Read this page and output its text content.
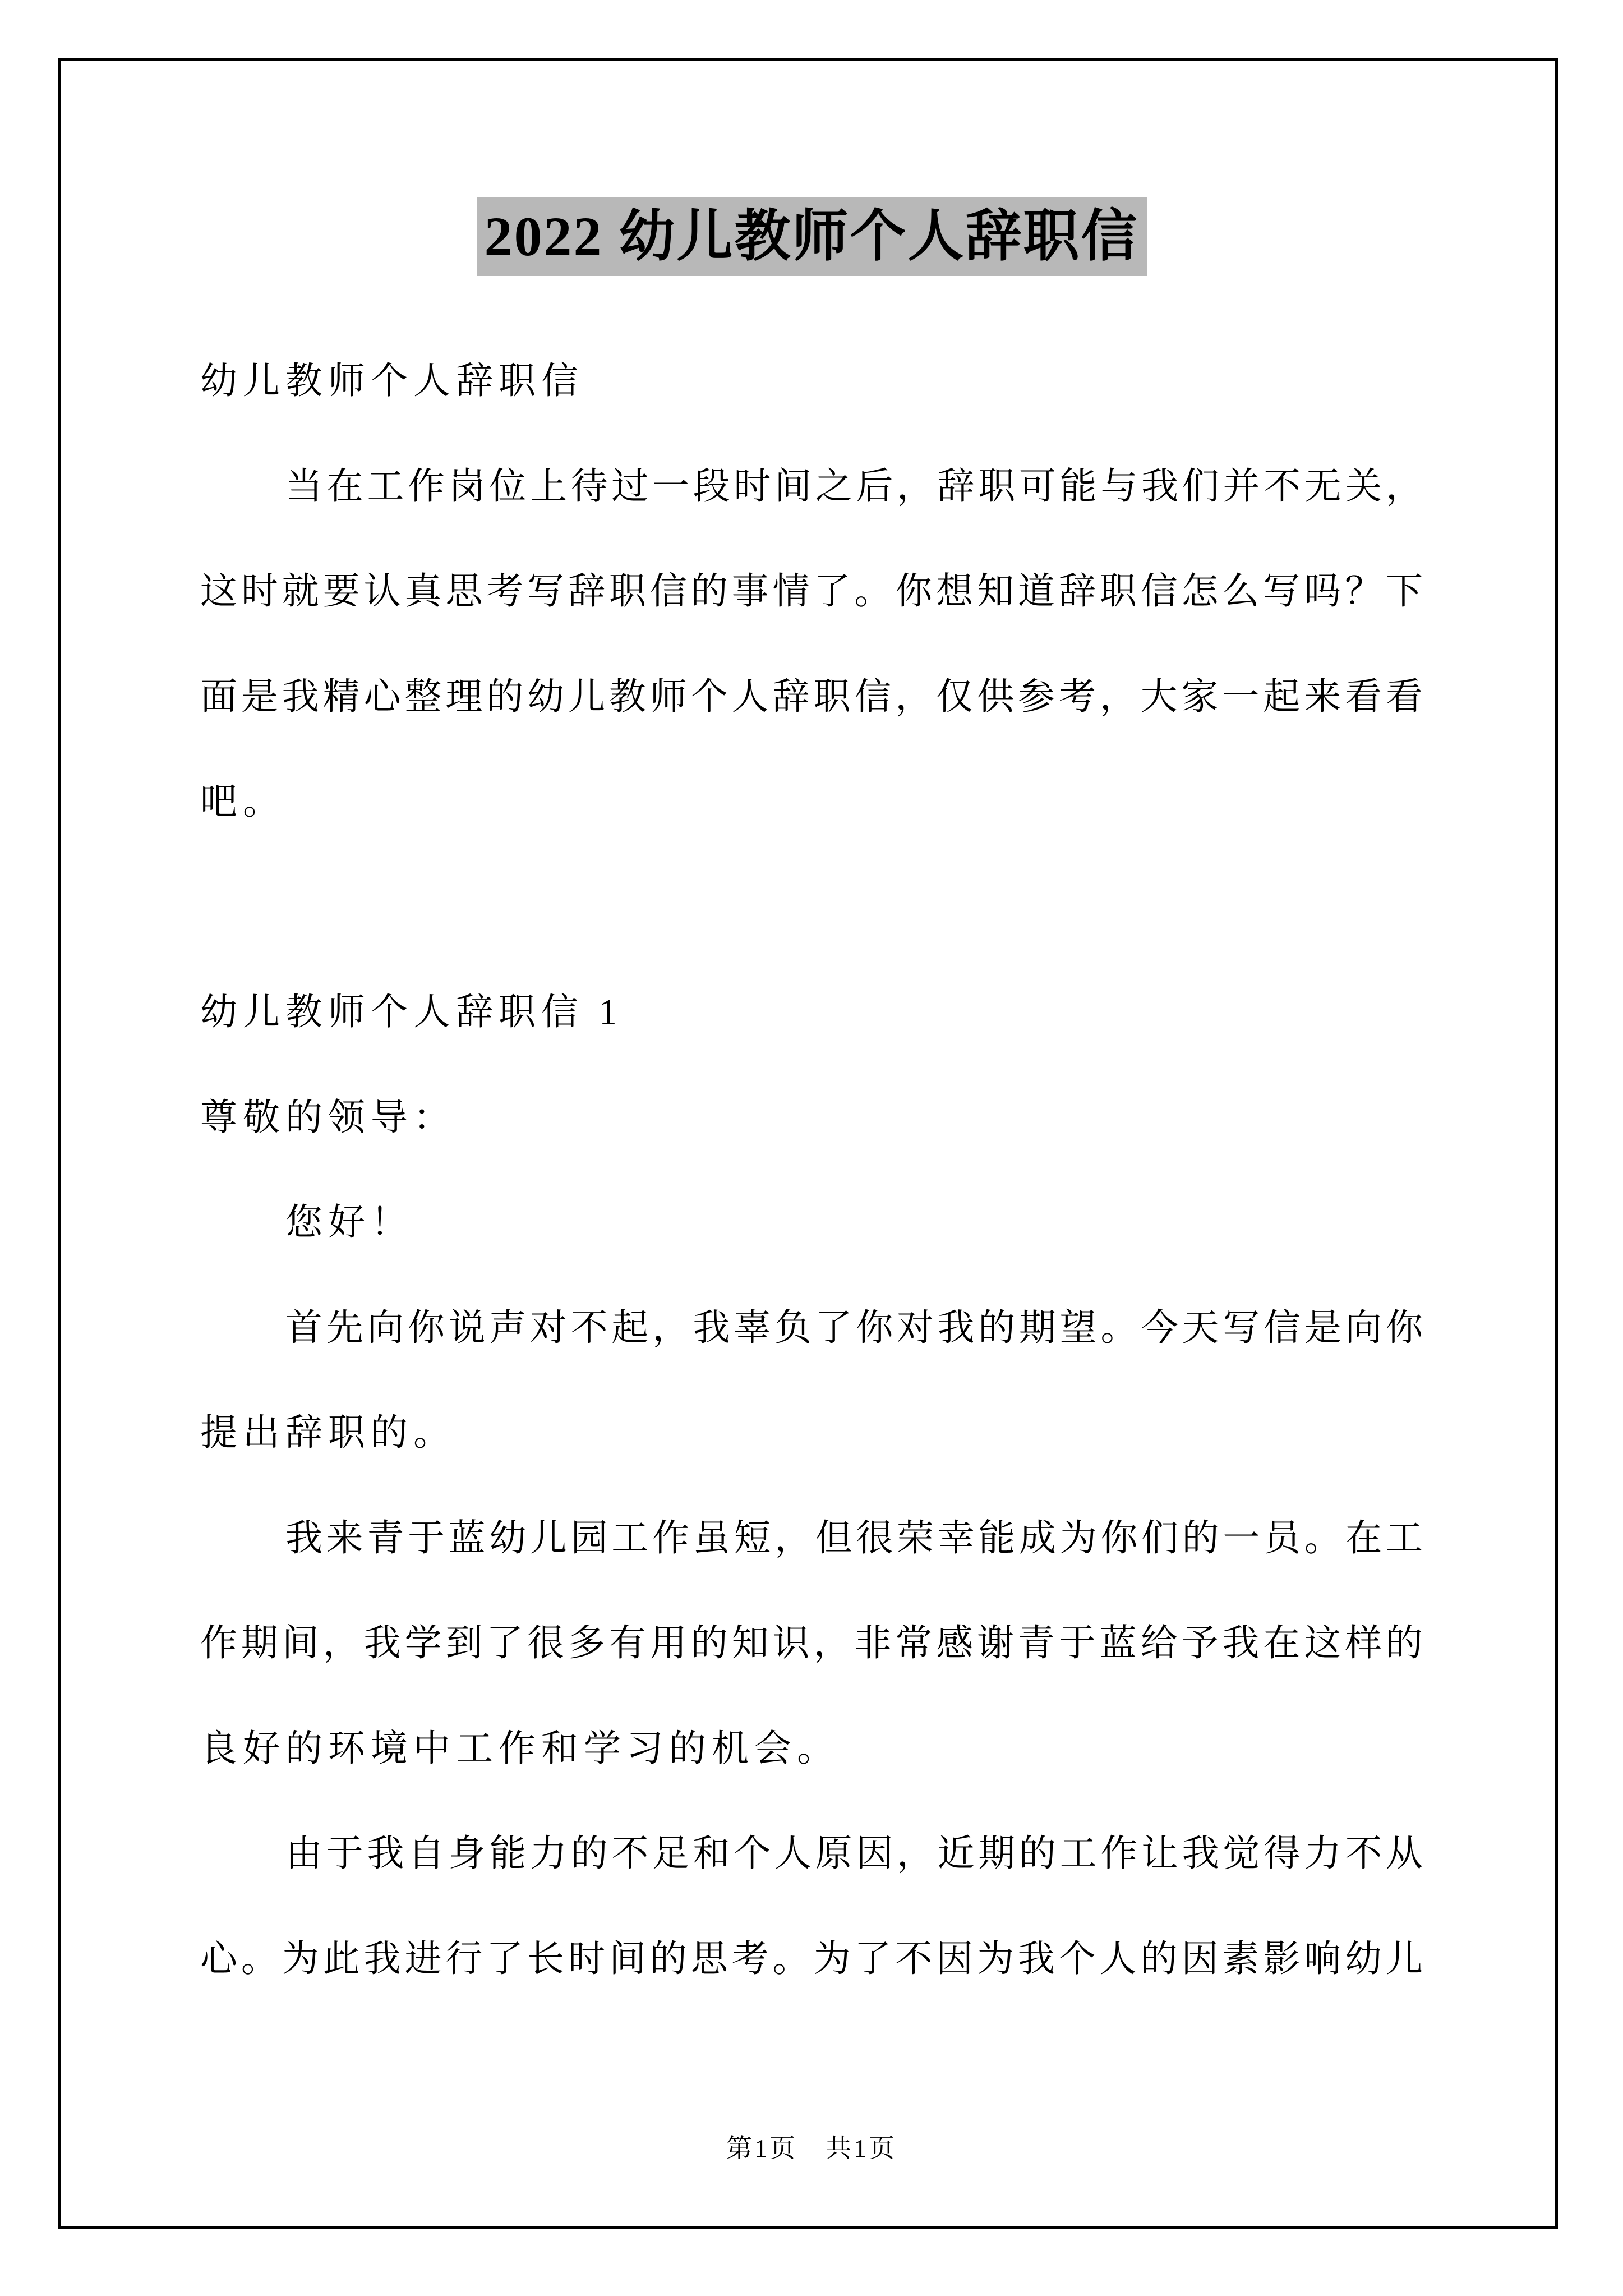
2022 幼儿教师个人辞职信
幼儿教师个人辞职信
当在工作岗位上待过一段时间之后，辞职可能与我们并不无关，
这时就要认真思考写辞职信的事情了。你想知道辞职信怎么写吗？下
面是我精心整理的幼儿教师个人辞职信，仅供参考，大家一起来看看
吧。
幼儿教师个人辞职信 1
尊敬的领导：
您好！
首先向你说声对不起，我辜负了你对我的期望。今天写信是向你
提出辞职的。
我来青于蓝幼儿园工作虽短，但很荣幸能成为你们的一员。在工
作期间，我学到了很多有用的知识，非常感谢青于蓝给予我在这样的
良好的环境中工作和学习的机会。
由于我自身能力的不足和个人原因，近期的工作让我觉得力不从
心。为此我进行了长时间的思考。为了不因为我个人的因素影响幼儿
第1页　共1页
